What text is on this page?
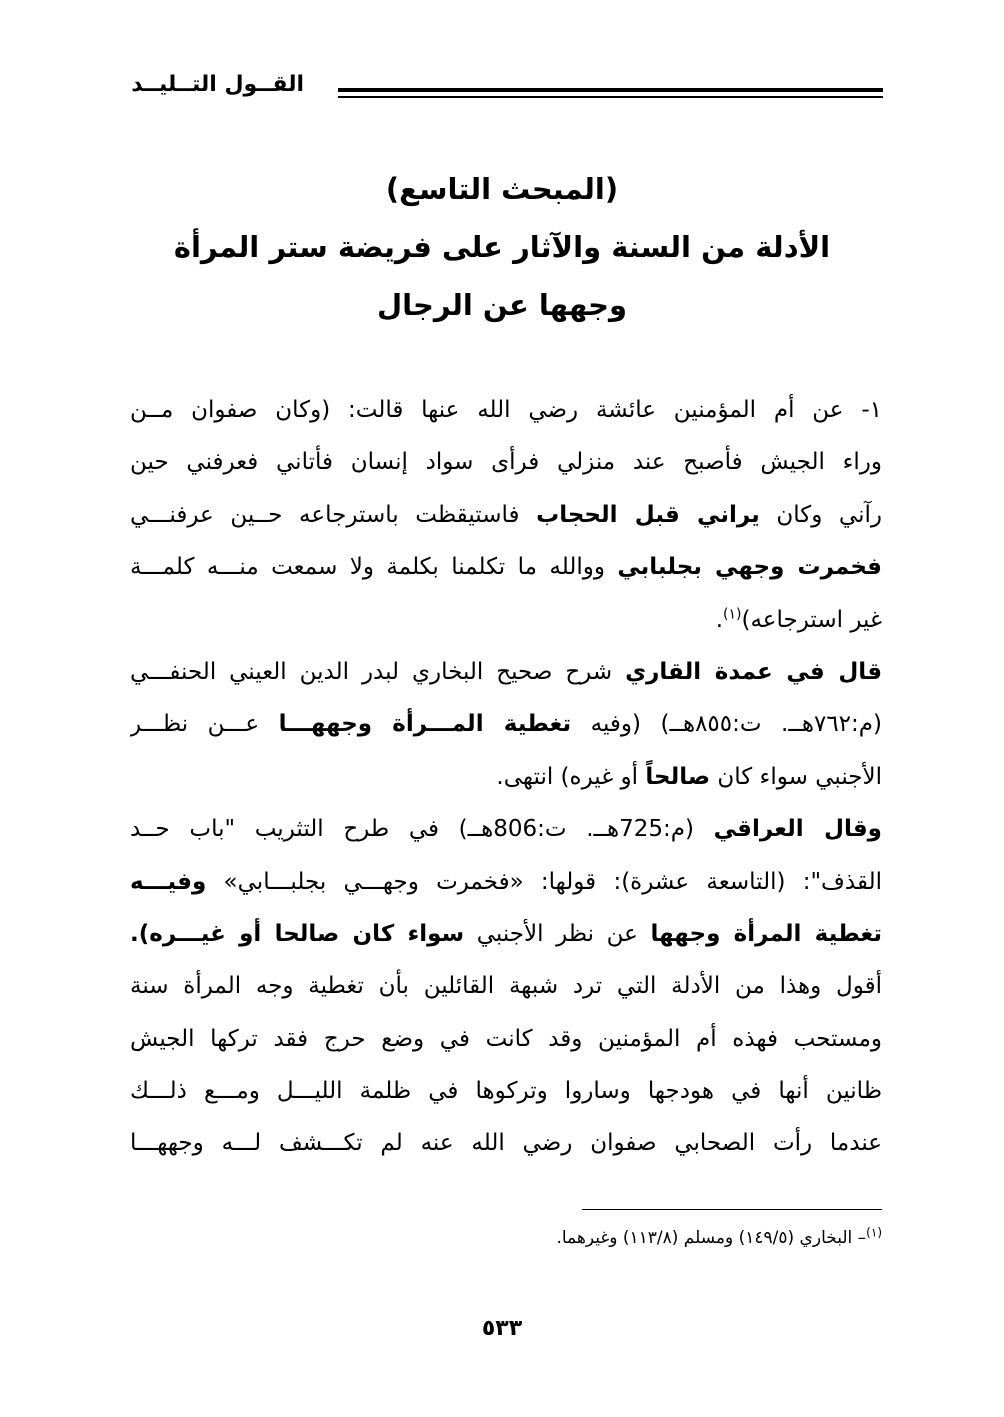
القــول التــليــد
(المبحث التاسع)
الأدلة من السنة والآثار على فريضة ستر المرأة
وجهها عن الرجال
١- عن أم المؤمنين عائشة رضي الله عنها قالت: (وكان صفوان مــن
وراء الجيش فأصبح عند منزلي فرأى سواد إنسان فأتاني فعرفني حين
رآني وكان يراني قبل الحجاب فاستيقظت باسترجاعه حــين عرفنـــي
فخمرت وجهي بجلبابي ووالله ما تكلمنا بكلمة ولا سمعت منـــه كلمـــة
غير استرجاعه)$^{(١)}$.
قال في عمدة القاري شرح صحيح البخاري لبدر الدين العيني الحنفـــي
(م:٧٦٢هــ. ت:٨٥٥هــ) (وفيه تغطية المـــرأة وجههـــا عـــن نظـــر
الأجنبي سواء كان صالحاً أو غيره) انتهى.
وقال العراقي (م:725هــ. ت:806هــ) في طرح التثريب "باب حــد
القذف": (التاسعة عشرة): قولها: «فخمرت وجهـــي بجلبـــابي» وفيـــه
تغطية المرأة وجهها عن نظر الأجنبي سواء كان صالحا أو غيـــره).
أقول وهذا من الأدلة التي ترد شبهة القائلين بأن تغطية وجه المرأة سنة
ومستحب فهذه أم المؤمنين وقد كانت في وضع حرج فقد تركها الجيش
ظانين أنها في هودجها وساروا وتركوها في ظلمة الليـــل ومـــع ذلـــك
عندما رأت الصحابي صفوان رضي الله عنه لم تكـــشف لـــه وجههـــا
$^{(١)}$– البخاري (١٤٩/٥) ومسلم (١١٣/٨) وغيرهما.
٥٣٣
